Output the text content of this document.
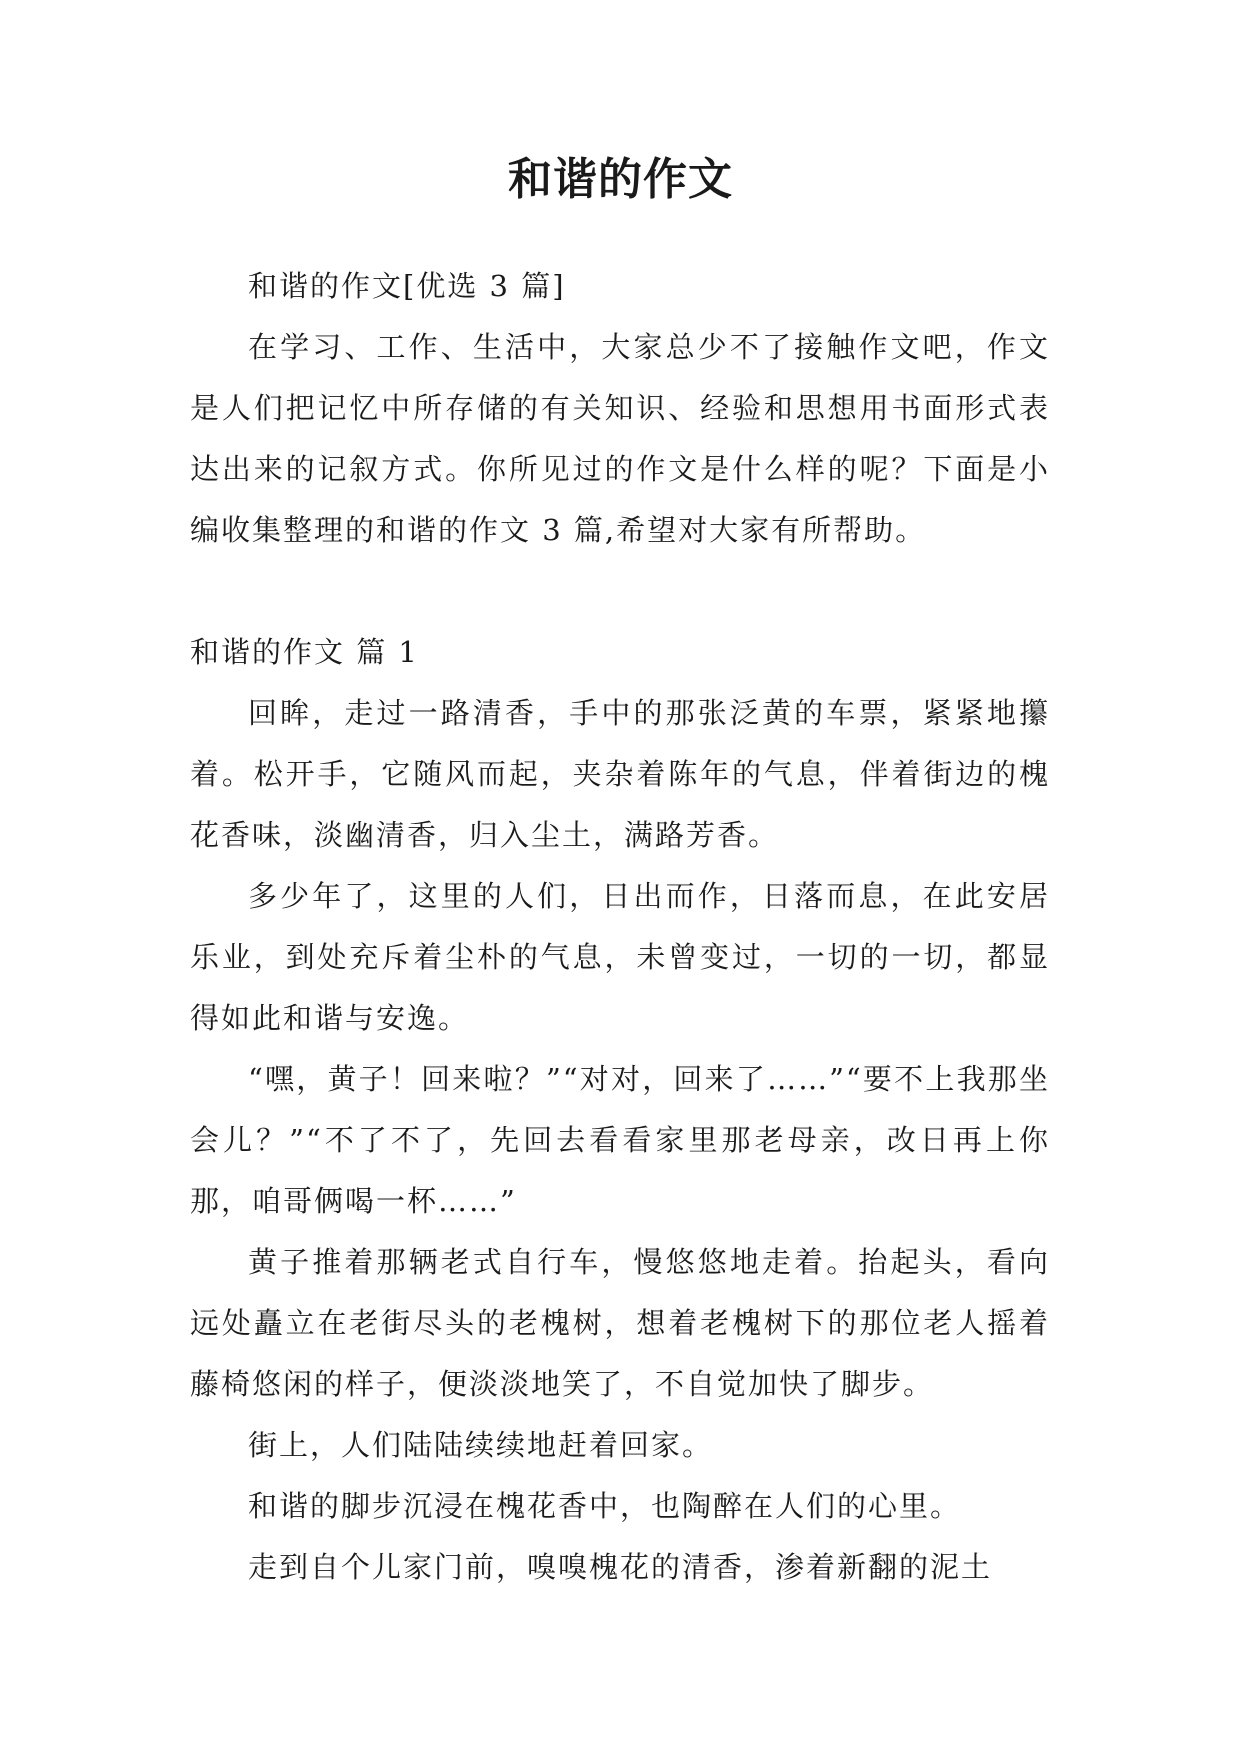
和谐的作文

和谐的作文[优选 3 篇]

在学习、工作、生活中，大家总少不了接触作文吧，作文是人们把记忆中所存储的有关知识、经验和思想用书面形式表达出来的记叙方式。你所见过的作文是什么样的呢？下面是小编收集整理的和谐的作文 3 篇,希望对大家有所帮助。

和谐的作文 篇 1

回眸，走过一路清香，手中的那张泛黄的车票，紧紧地攥着。松开手，它随风而起，夹杂着陈年的气息，伴着街边的槐花香味，淡幽清香，归入尘土，满路芳香。

多少年了，这里的人们，日出而作，日落而息，在此安居乐业，到处充斥着尘朴的气息，未曾变过，一切的一切，都显得如此和谐与安逸。

“嘿，黄子！回来啦？”“对对，回来了……”“要不上我那坐会儿？”“不了不了，先回去看看家里那老母亲，改日再上你那，咱哥俩喝一杯……”

黄子推着那辆老式自行车，慢悠悠地走着。抬起头，看向远处矗立在老街尽头的老槐树，想着老槐树下的那位老人摇着藤椅悠闲的样子，便淡淡地笑了，不自觉加快了脚步。

街上，人们陆陆续续地赶着回家。

和谐的脚步沉浸在槐花香中，也陶醉在人们的心里。

走到自个儿家门前，嗅嗅槐花的清香，渗着新翻的泥土
